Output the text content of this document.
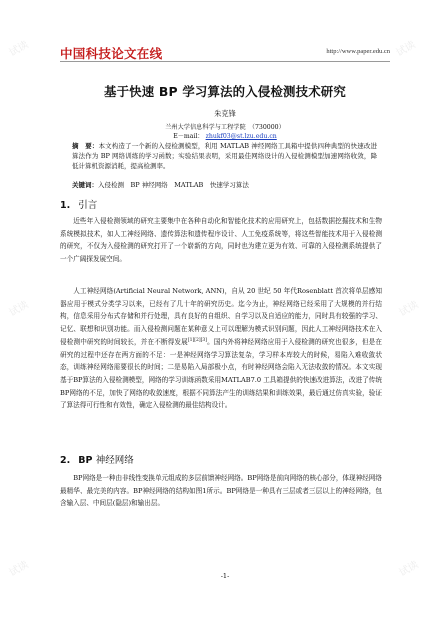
试读	试读
试读	试读
试读	试读
中国科技论文在线	http://www.paper.edu.cn
基于快速 BP 学习算法的入侵检测技术研究
朱克锋
兰州大学信息科学与工程学院　（730000）
E－mail： zhukf03@st.lzu.edu.cn
摘　要：本文构造了一个新的入侵检测模型，利用 MATLAB 神经网络工具箱中提供四种典型的快速改进算法作为 BP 网络训练的学习函数；实验结果表明，采用最佳网络设计的入侵检测模型加速网络收敛，降低计算机资源消耗，提高检测率。
关键词：入侵检测　BP 神经网络　MATLAB　快速学习算法
1. 引言
近些年入侵检测领域的研究主要集中在各种自动化和智能化技术的应用研究上，包括数据挖掘技术和生物系统模拟技术，如人工神经网络、遗传算法和遗传程序设计、人工免疫系统等，将这些智能技术用于入侵检测的研究，不仅为入侵检测的研究打开了一个崭新的方向，同时也为建立更为有效、可靠的入侵检测系统提供了一个广阔探发展空间。
人工神经网络(Artificial Neural Network, ANN)，自从 20 世纪 50 年代Rosenblatt 首次将单层感知器应用于模式分类学习以来，已经有了几十年的研究历史。迄今为止，神经网络已经采用了大规模的并行结构，信息采用分布式存储和并行处理，具有良好的自组织、自学习以及自适应的能力，同时具有较强的学习、记忆、联想和识别功能。而入侵检测问题在某种意义上可以理解为模式识别问题，因此人工神经网络技术在入侵检测中研究的时间较长，并在不断得发展[1][2][3]。国内外将神经网络应用于入侵检测的研究也很多，但是在研究的过程中还存在两方面的不足：一是神经网络学习算法复杂，学习样本库较大的时候，易陷入难收敛状态，训练神经网络需要很长的时间；二是易陷入局部极小点，有时神经网络会陷入无法收敛的情况。本文实现基于BP算法的入侵检测模型，网络的学习训练函数采用MATLAB7.0 工具箱提供的快速改进算法，改进了传统BP网络的不足，加快了网络的收敛速度，根据不同算法产生的训练结果和训练效果，最后通过仿真实验，验证了算法得可行性和有效性，确定入侵检测的最佳结构设计。
2. BP 神经网络
BP网络是一种由非线性变换单元组成的多层前馈神经网络。BP网络是前向网络的核心部分，体现神经网络最精华、最完美的内容。BP神经网络的结构如图1所示。BP网络是一种具有三层或者三层以上的神经网络，包含输入层、中间层(隐层)和输出层。
-1-
